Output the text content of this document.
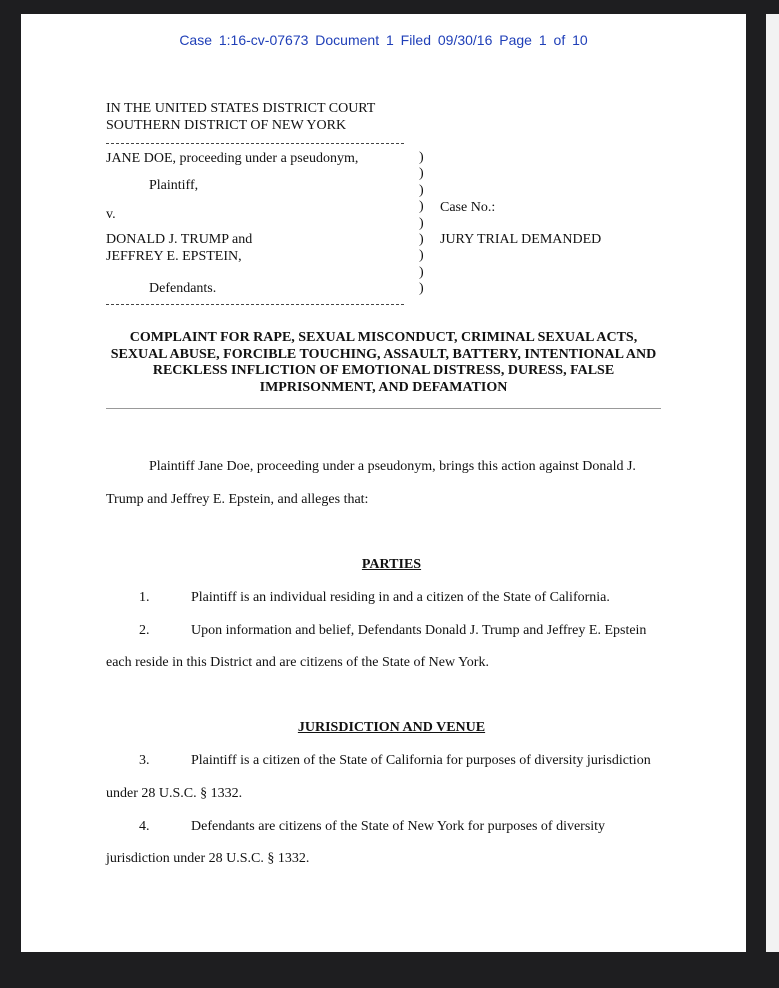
Case 1:16-cv-07673 Document 1 Filed 09/30/16 Page 1 of 10
IN THE UNITED STATES DISTRICT COURT
SOUTHERN DISTRICT OF NEW YORK
JANE DOE, proceeding under a pseudonym,
Plaintiff,
v.
DONALD J. TRUMP and
JEFFREY E. EPSTEIN,
Defendants.
)
)
)
)
)
)
)
)
)
Case No.:
JURY TRIAL DEMANDED
COMPLAINT FOR RAPE, SEXUAL MISCONDUCT, CRIMINAL SEXUAL ACTS, SEXUAL ABUSE, FORCIBLE TOUCHING, ASSAULT, BATTERY, INTENTIONAL AND RECKLESS INFLICTION OF EMOTIONAL DISTRESS, DURESS, FALSE IMPRISONMENT, AND DEFAMATION
Plaintiff Jane Doe, proceeding under a pseudonym, brings this action against Donald J.
Trump and Jeffrey E. Epstein, and alleges that:
PARTIES
1.	Plaintiff is an individual residing in and a citizen of the State of California.
2.	Upon information and belief, Defendants Donald J. Trump and Jeffrey E. Epstein
each reside in this District and are citizens of the State of New York.
JURISDICTION AND VENUE
3.	Plaintiff is a citizen of the State of California for purposes of diversity jurisdiction
under 28 U.S.C. § 1332.
4.	Defendants are citizens of the State of New York for purposes of diversity
jurisdiction under 28 U.S.C. § 1332.
